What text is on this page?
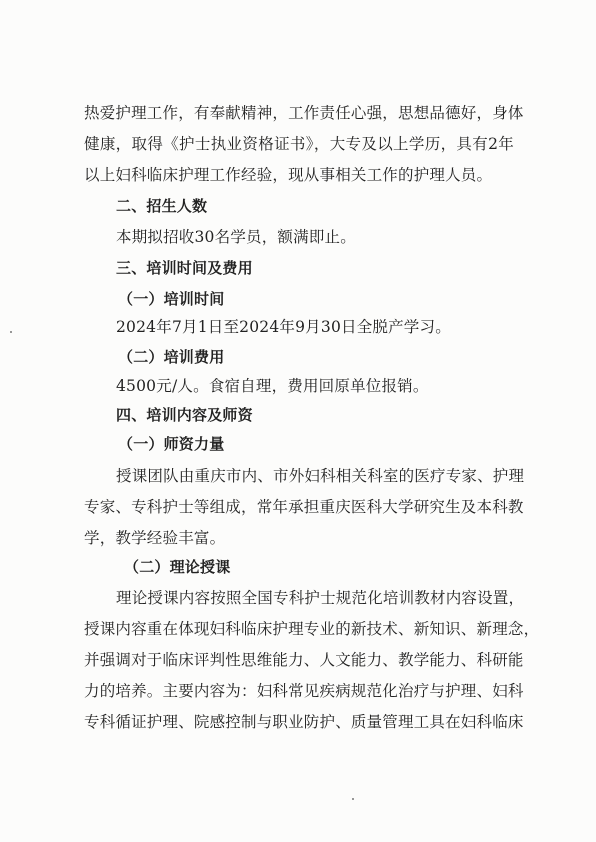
热爱护理工作，有奉献精神，工作责任心强，思想品德好，身体
健康，取得《护士执业资格证书》，大专及以上学历，具有2年
以上妇科临床护理工作经验，现从事相关工作的护理人员。
二、招生人数
本期拟招收30名学员，额满即止。
三、培训时间及费用
（一）培训时间
2024年7月1日至2024年9月30日全脱产学习。
（二）培训费用
4500元/人。食宿自理，费用回原单位报销。
四、培训内容及师资
（一）师资力量
授课团队由重庆市内、市外妇科相关科室的医疗专家、护理
专家、专科护士等组成，常年承担重庆医科大学研究生及本科教
学，教学经验丰富。
（二）理论授课
理论授课内容按照全国专科护士规范化培训教材内容设置，
授课内容重在体现妇科临床护理专业的新技术、新知识、新理念，
并强调对于临床评判性思维能力、人文能力、教学能力、科研能
力的培养。主要内容为：妇科常见疾病规范化治疗与护理、妇科
专科循证护理、院感控制与职业防护、质量管理工具在妇科临床
